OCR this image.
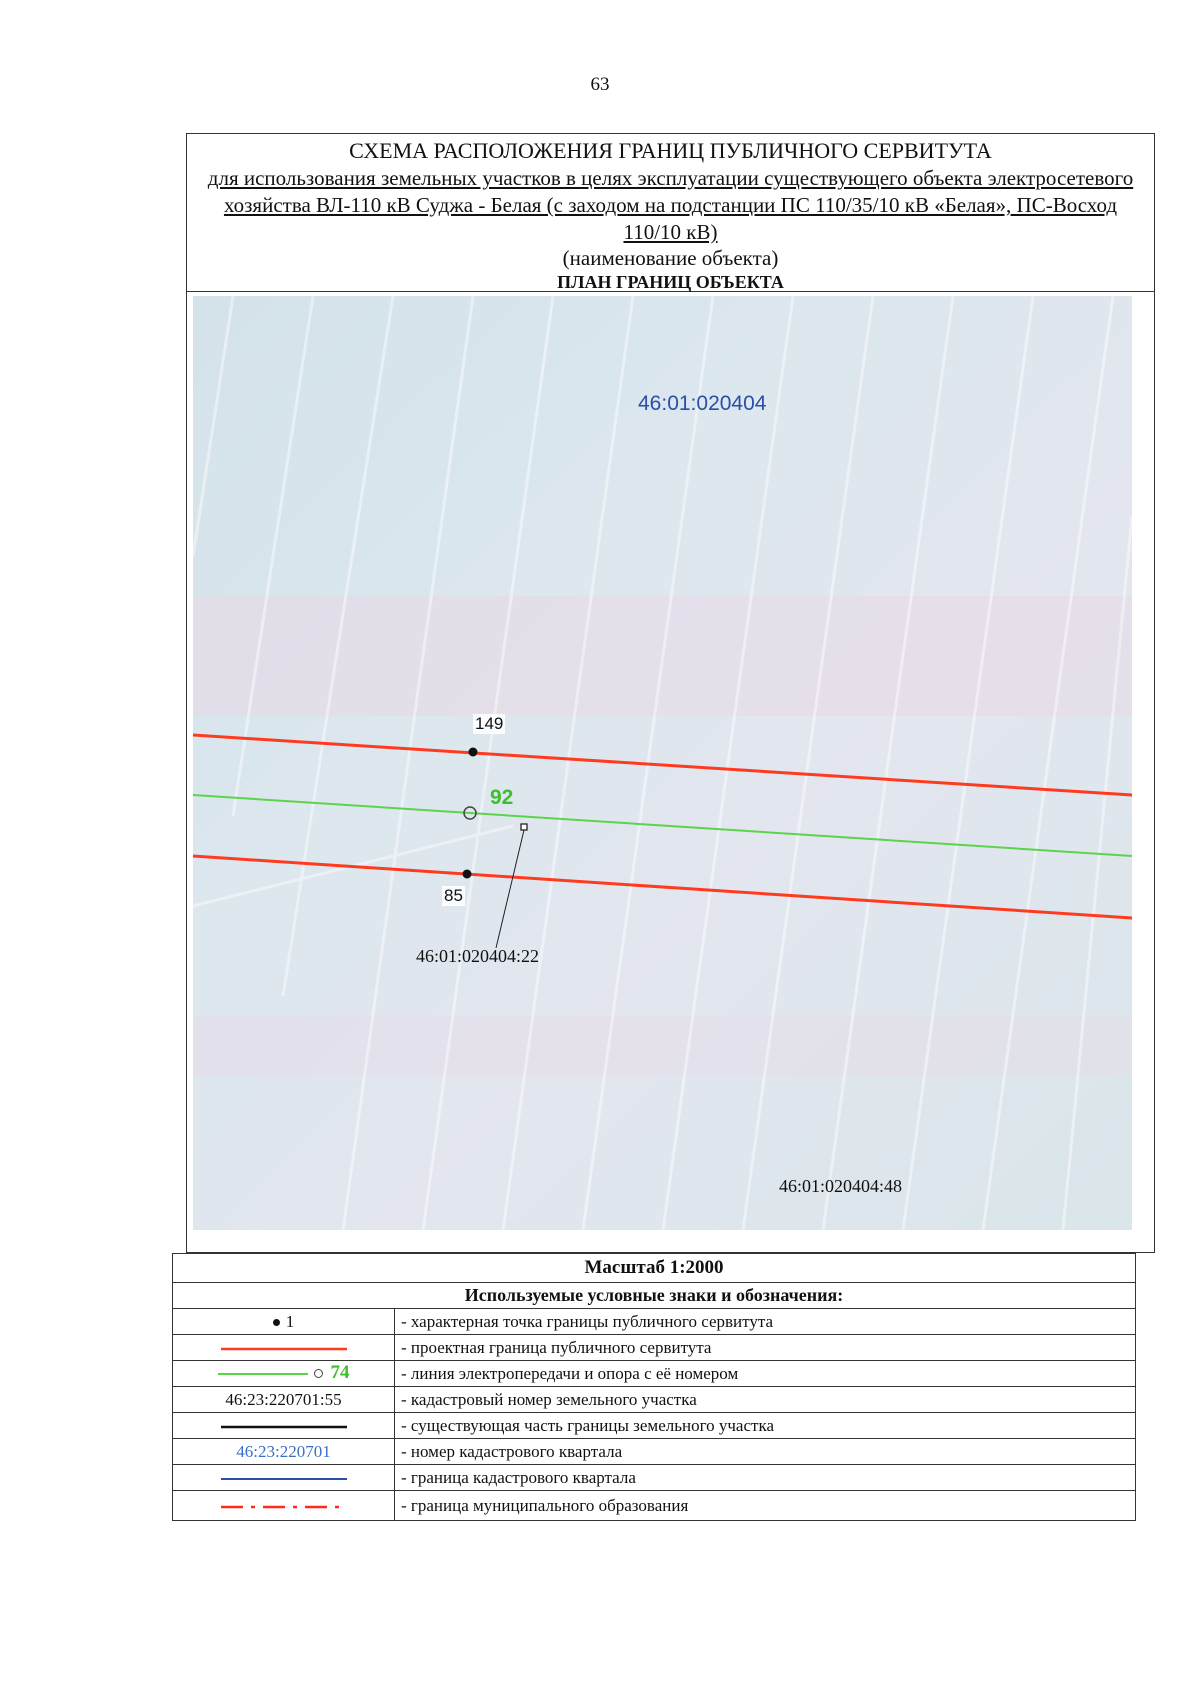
63
СХЕМА РАСПОЛОЖЕНИЯ ГРАНИЦ ПУБЛИЧНОГО СЕРВИТУТА
для использования земельных участков в целях эксплуатации существующего объекта электросетевого хозяйства ВЛ-110 кВ Суджа - Белая (с заходом на подстанции ПС 110/35/10 кВ «Белая», ПС-Восход 110/10 кВ)
(наименование объекта)
ПЛАН ГРАНИЦ ОБЪЕКТА
46:01:020404
149
92
85
46:01:020404:22
46:01:020404:48
Масштаб 1:2000	
Используемые условные знаки и обозначения:	
1	- характерная точка границы публичного сервитута
	- проектная граница публичного сервитута
74	- линия электропередачи и опора с её номером
46:23:220701:55	- кадастровый номер земельного участка
	- существующая часть границы земельного участка
46:23:220701	- номер кадастрового квартала
	- граница кадастрового квартала
	- граница муниципального образования
